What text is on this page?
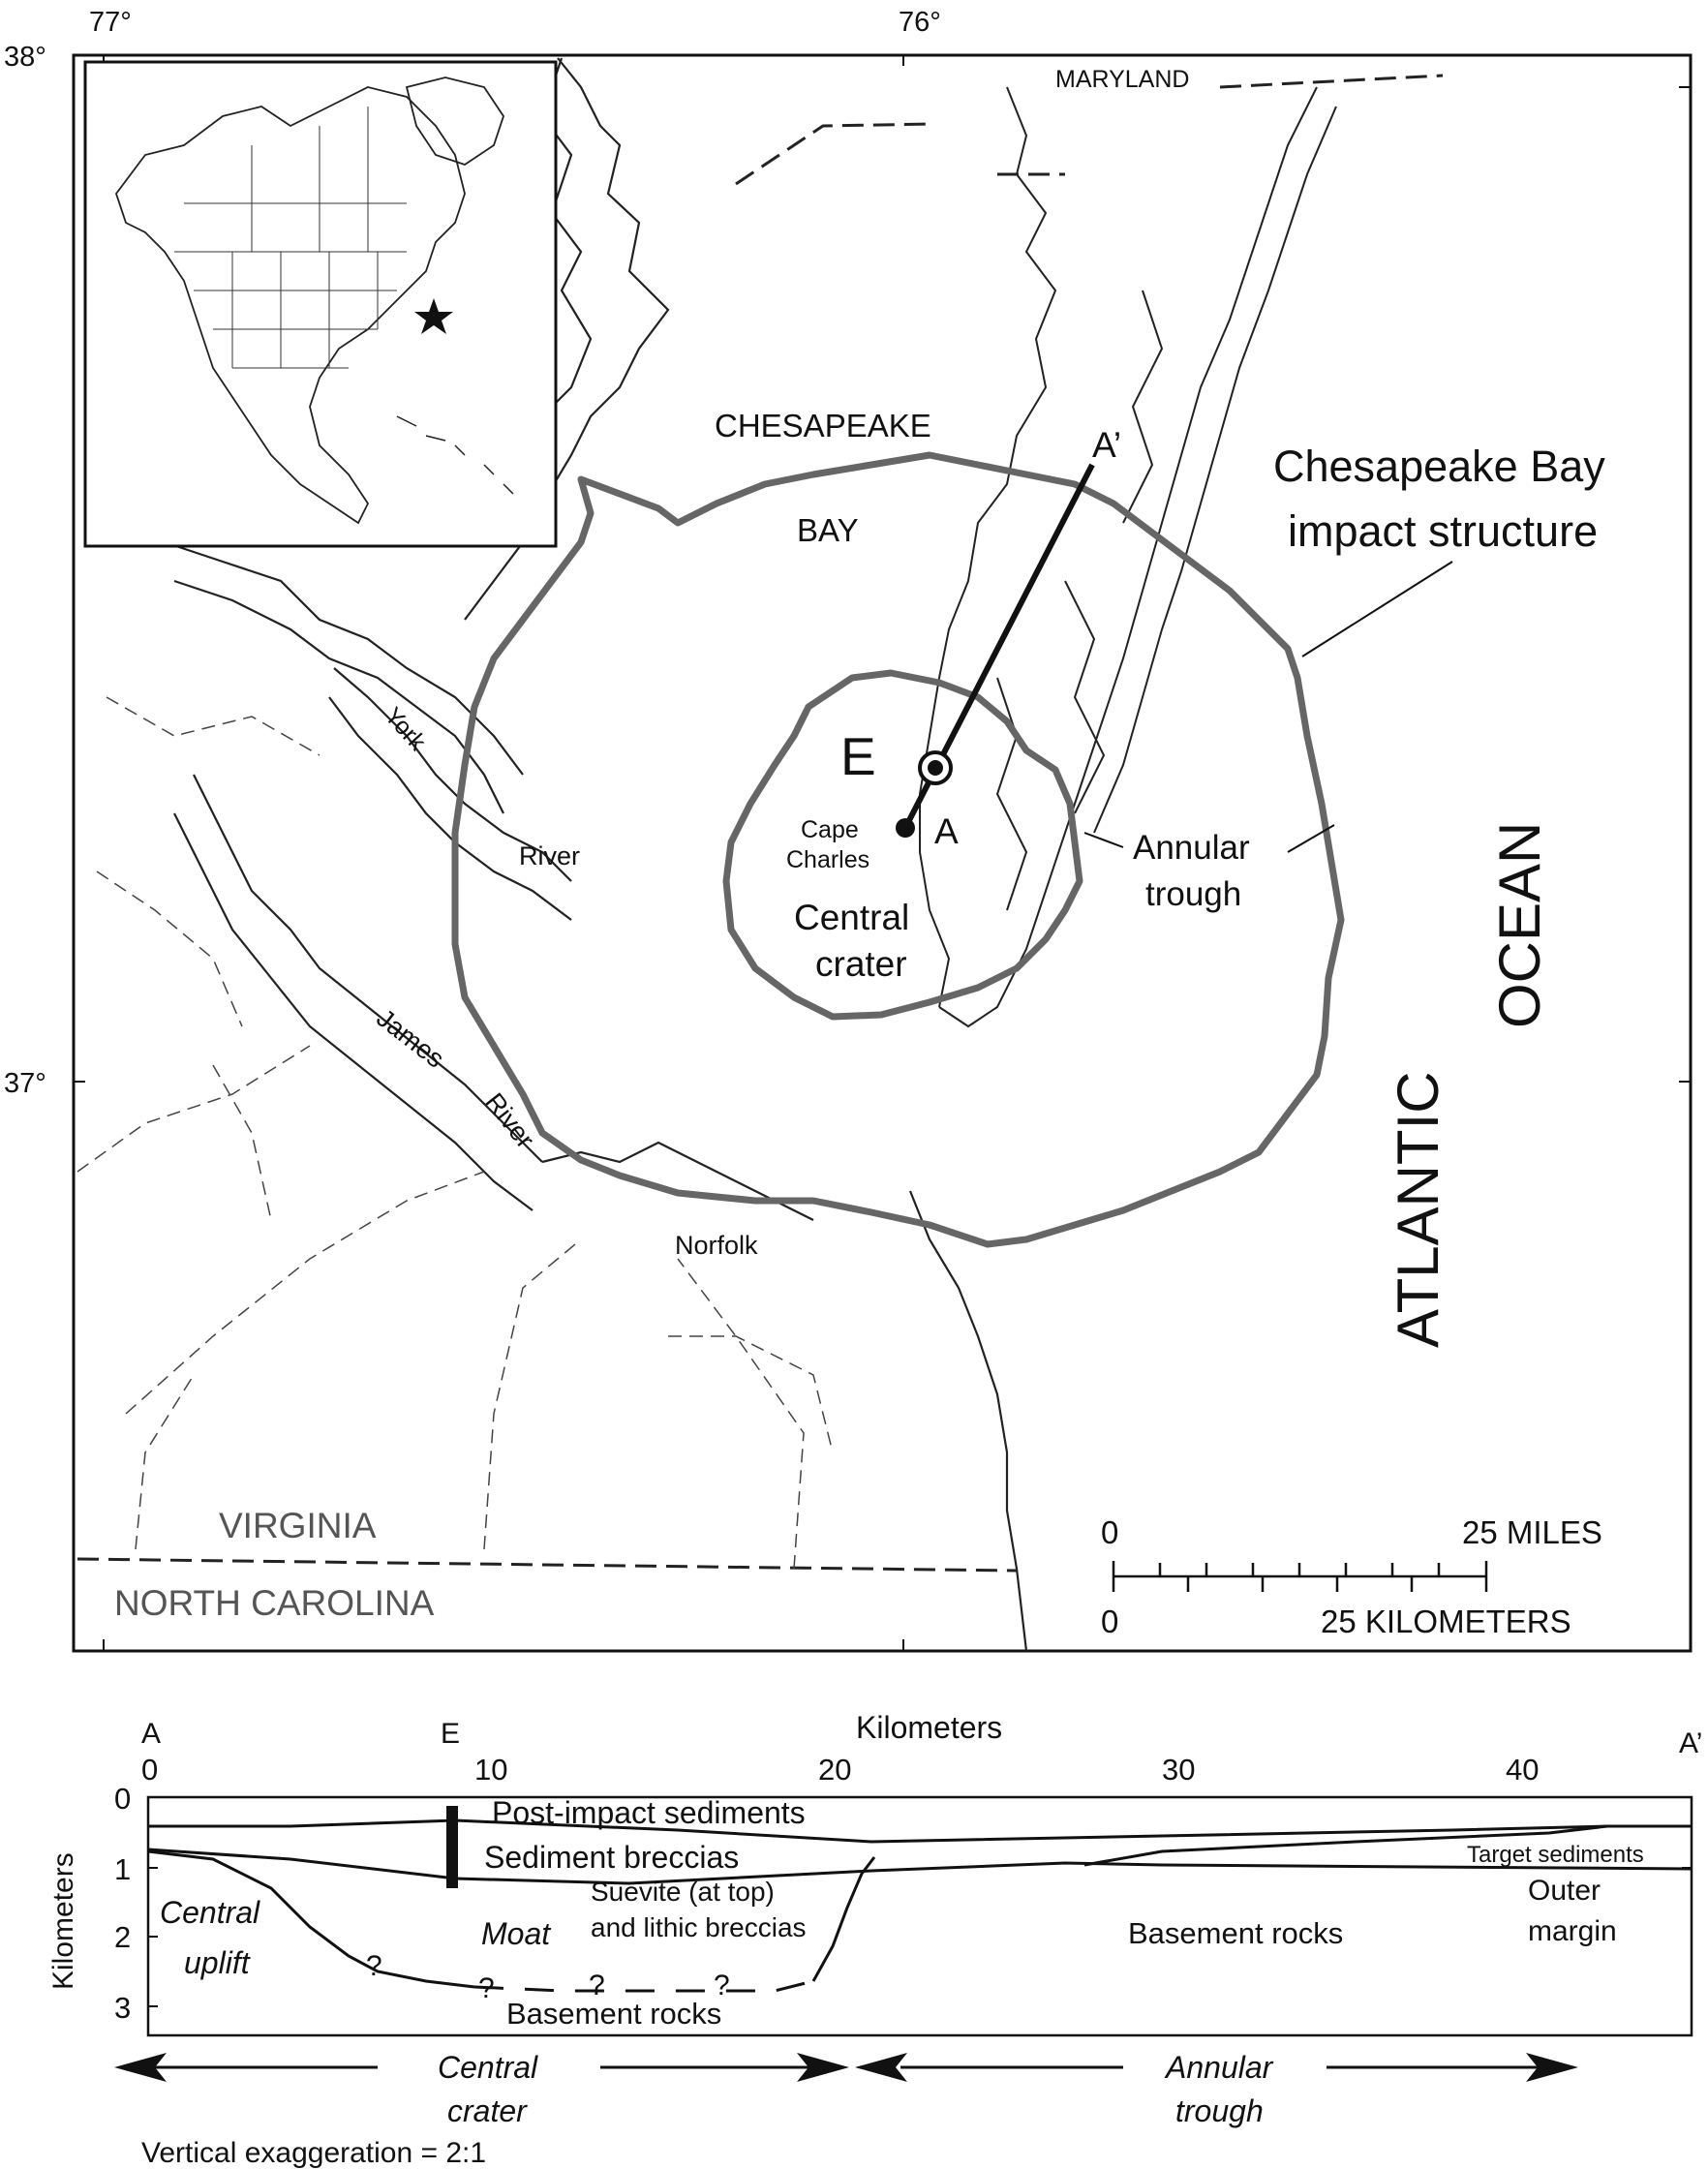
38°
37°
77°	76°
MARYLAND
CHESAPEAKE
BAY
York
River
James
River
Cape
Charles
Norfolk
VIRGINIA
NORTH CAROLINA
ATLANTIC
OCEAN
Chesapeake Bay
impact structure
Central
crater
Annular
trough
E
A
A’
0	25 MILES
0	25 KILOMETERS
A	E	A’
Kilometers
Kilometers
0	10	20	30	40
0
1
2
3
Post-impact sediments
Sediment breccias	Target sediments
Outer
margin
Suevite (at top)
and lithic breccias	Basement rocks
Basement rocks
Moat
Central
uplift	?
?	?	?
Central
crater
Annular
trough
Vertical exaggeration = 2:1
